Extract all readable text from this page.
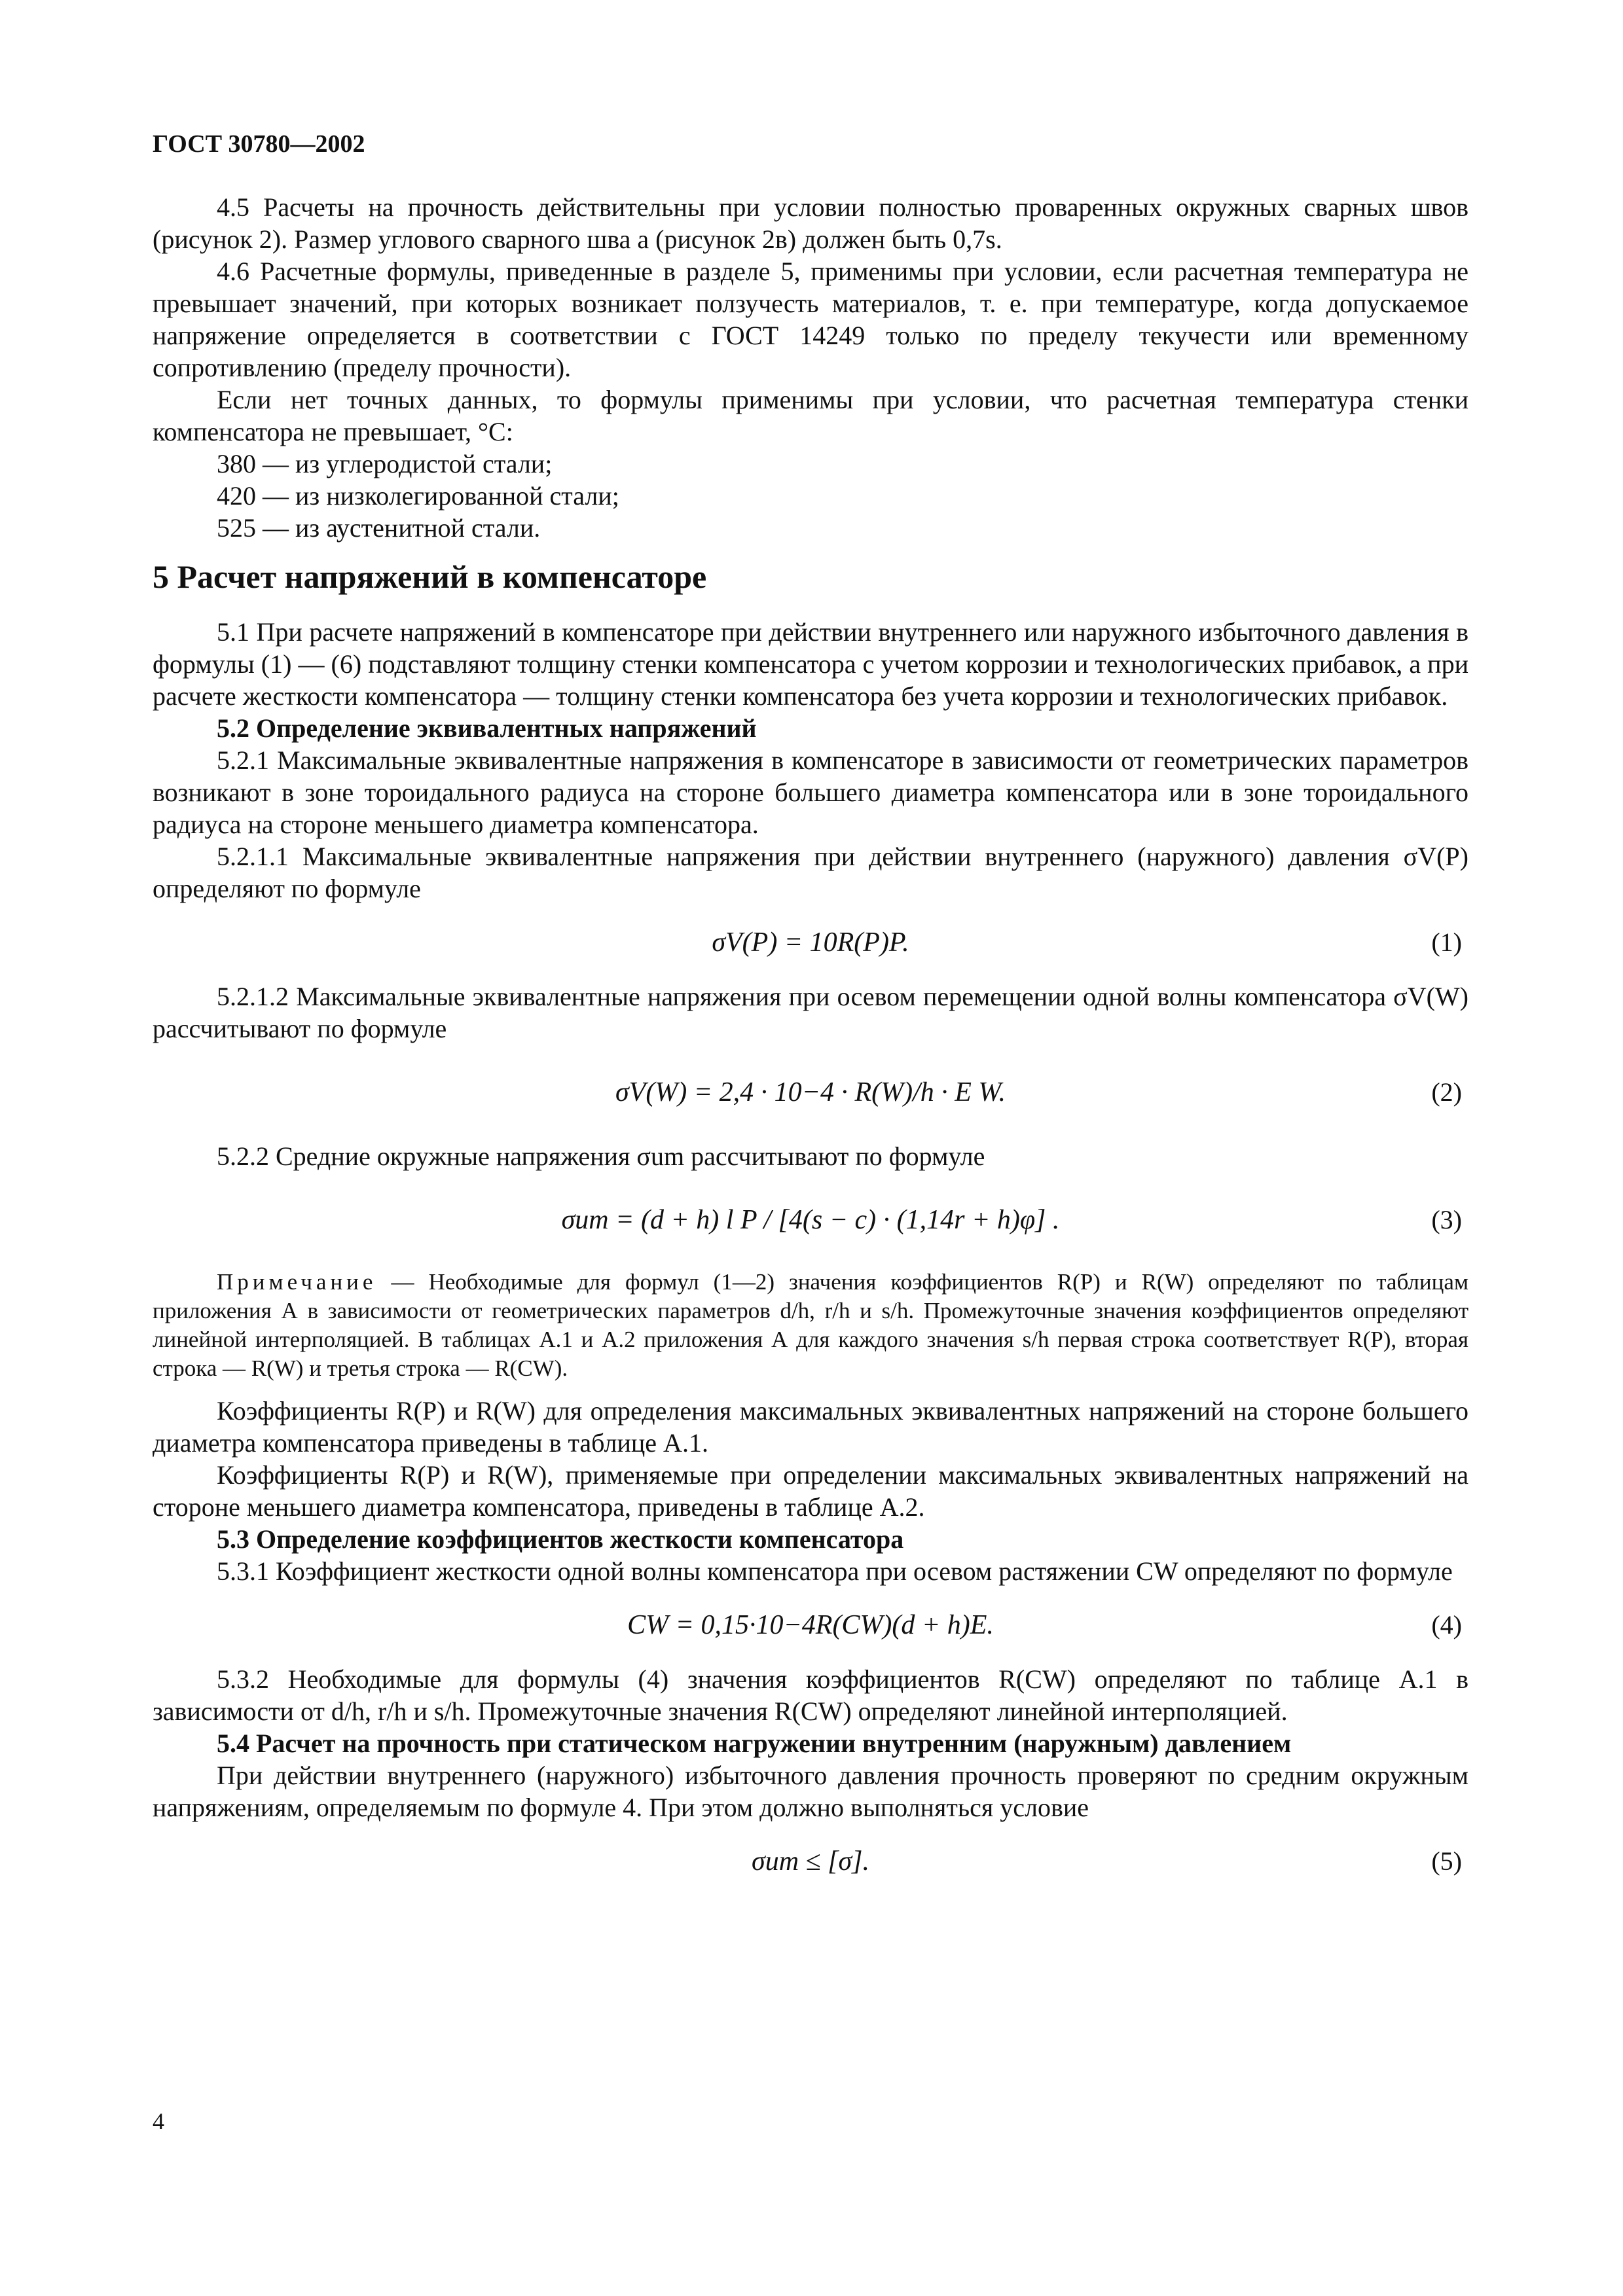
ГОСТ 30780—2002

4.5 Расчеты на прочность действительны при условии полностью проваренных окружных сварных швов (рисунок 2). Размер углового сварного шва a (рисунок 2в) должен быть 0,7s.

4.6 Расчетные формулы, приведенные в разделе 5, применимы при условии, если расчетная температура не превышает значений, при которых возникает ползучесть материалов, т. е. при температуре, когда допускаемое напряжение определяется в соответствии с ГОСТ 14249 только по пределу текучести или временному сопротивлению (пределу прочности).

Если нет точных данных, то формулы применимы при условии, что расчетная температура стенки компенсатора не превышает, °С:

380 — из углеродистой стали;

420 — из низколегированной стали;

525 — из аустенитной стали.

5 Расчет напряжений в компенсаторе

5.1 При расчете напряжений в компенсаторе при действии внутреннего или наружного избыточного давления в формулы (1) — (6) подставляют толщину стенки компенсатора с учетом коррозии и технологических прибавок, а при расчете жесткости компенсатора — толщину стенки компенсатора без учета коррозии и технологических прибавок.

5.2 Определение эквивалентных напряжений

5.2.1 Максимальные эквивалентные напряжения в компенсаторе в зависимости от геометрических параметров возникают в зоне тороидального радиуса на стороне большего диаметра компенсатора или в зоне тороидального радиуса на стороне меньшего диаметра компенсатора.

5.2.1.1 Максимальные эквивалентные напряжения при действии внутреннего (наружного) давления σV(P) определяют по формуле

σV(P) = 10R(P)P.	(1)

5.2.1.2 Максимальные эквивалентные напряжения при осевом перемещении одной волны компенсатора σV(W) рассчитывают по формуле

σV(W) = 2,4 · 10−4 · R(W)/h · E W.	(2)

5.2.2 Средние окружные напряжения σum рассчитывают по формуле

σum = (d + h) l P / [4(s − c) · (1,14r + h)φ] .	(3)

Примечание — Необходимые для формул (1—2) значения коэффициентов R(P) и R(W) определяют по таблицам приложения А в зависимости от геометрических параметров d/h, r/h и s/h. Промежуточные значения коэффициентов определяют линейной интерполяцией. В таблицах А.1 и А.2 приложения А для каждого значения s/h первая строка соответствует R(P), вторая строка — R(W) и третья строка — R(CW).

Коэффициенты R(P) и R(W) для определения максимальных эквивалентных напряжений на стороне большего диаметра компенсатора приведены в таблице А.1.

Коэффициенты R(P) и R(W), применяемые при определении максимальных эквивалентных напряжений на стороне меньшего диаметра компенсатора, приведены в таблице А.2.

5.3 Определение коэффициентов жесткости компенсатора

5.3.1 Коэффициент жесткости одной волны компенсатора при осевом растяжении CW определяют по формуле

CW = 0,15·10−4R(CW)(d + h)E.	(4)

5.3.2 Необходимые для формулы (4) значения коэффициентов R(CW) определяют по таблице А.1 в зависимости от d/h, r/h и s/h. Промежуточные значения R(CW) определяют линейной интерполяцией.

5.4 Расчет на прочность при статическом нагружении внутренним (наружным) давлением

При действии внутреннего (наружного) избыточного давления прочность проверяют по средним окружным напряжениям, определяемым по формуле 4. При этом должно выполняться условие

σum ≤ [σ].	(5)
4
